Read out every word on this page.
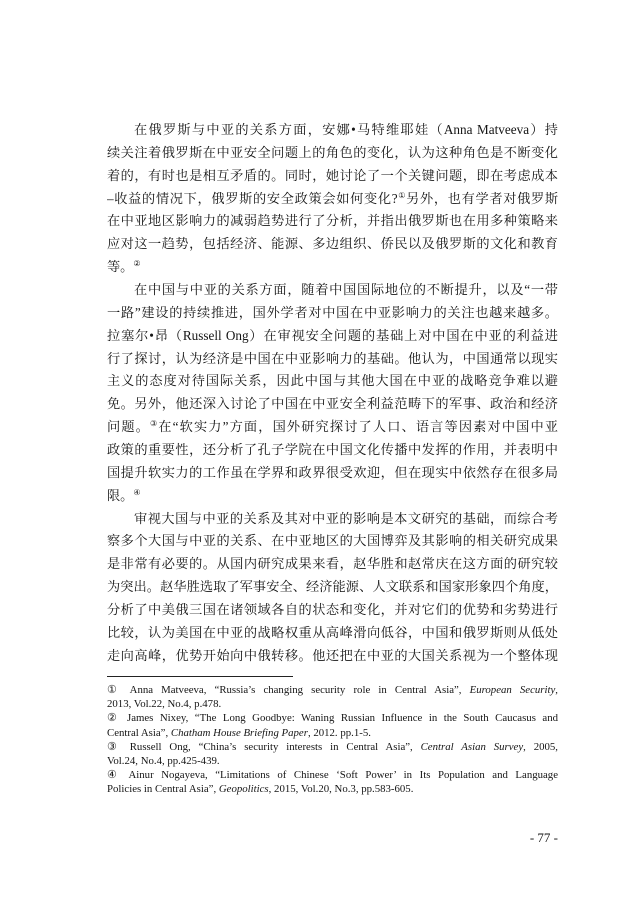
在俄罗斯与中亚的关系方面，安娜•马特维耶娃（Anna Matveeva）持
续关注着俄罗斯在中亚安全问题上的角色的变化，认为这种角色是不断变化
着的，有时也是相互矛盾的。同时，她讨论了一个关键问题，即在考虑成本
–收益的情况下，俄罗斯的安全政策会如何变化?①另外，也有学者对俄罗斯
在中亚地区影响力的减弱趋势进行了分析，并指出俄罗斯也在用多种策略来
应对这一趋势，包括经济、能源、多边组织、侨民以及俄罗斯的文化和教育
等。②
在中国与中亚的关系方面，随着中国国际地位的不断提升，以及“一带
一路”建设的持续推进，国外学者对中国在中亚影响力的关注也越来越多。
拉塞尔•昂（Russell Ong）在审视安全问题的基础上对中国在中亚的利益进
行了探讨，认为经济是中国在中亚影响力的基础。他认为，中国通常以现实
主义的态度对待国际关系，因此中国与其他大国在中亚的战略竞争难以避
免。另外，他还深入讨论了中国在中亚安全利益范畴下的军事、政治和经济
问题。③在“软实力”方面，国外研究探讨了人口、语言等因素对中国中亚
政策的重要性，还分析了孔子学院在中国文化传播中发挥的作用，并表明中
国提升软实力的工作虽在学界和政界很受欢迎，但在现实中依然存在很多局
限。④
审视大国与中亚的关系及其对中亚的影响是本文研究的基础，而综合考
察多个大国与中亚的关系、在中亚地区的大国博弈及其影响的相关研究成果
是非常有必要的。从国内研究成果来看，赵华胜和赵常庆在这方面的研究较
为突出。赵华胜选取了军事安全、经济能源、人文联系和国家形象四个角度，
分析了中美俄三国在诸领域各自的状态和变化，并对它们的优势和劣势进行
比较，认为美国在中亚的战略权重从高峰滑向低谷，中国和俄罗斯则从低处
走向高峰，优势开始向中俄转移。他还把在中亚的大国关系视为一个整体现
① Anna Matveeva, “Russia’s changing security role in Central Asia”, European Security,
2013, Vol.22, No.4, p.478.
② James Nixey, “The Long Goodbye: Waning Russian Influence in the South Caucasus and
Central Asia”, Chatham House Briefing Paper, 2012. pp.1-5.
③ Russell Ong, “China’s security interests in Central Asia”, Central Asian Survey, 2005,
Vol.24, No.4, pp.425-439.
④ Ainur Nogayeva, “Limitations of Chinese ‘Soft Power’ in Its Population and Language
Policies in Central Asia”, Geopolitics, 2015, Vol.20, No.3, pp.583-605.
- 77 -
